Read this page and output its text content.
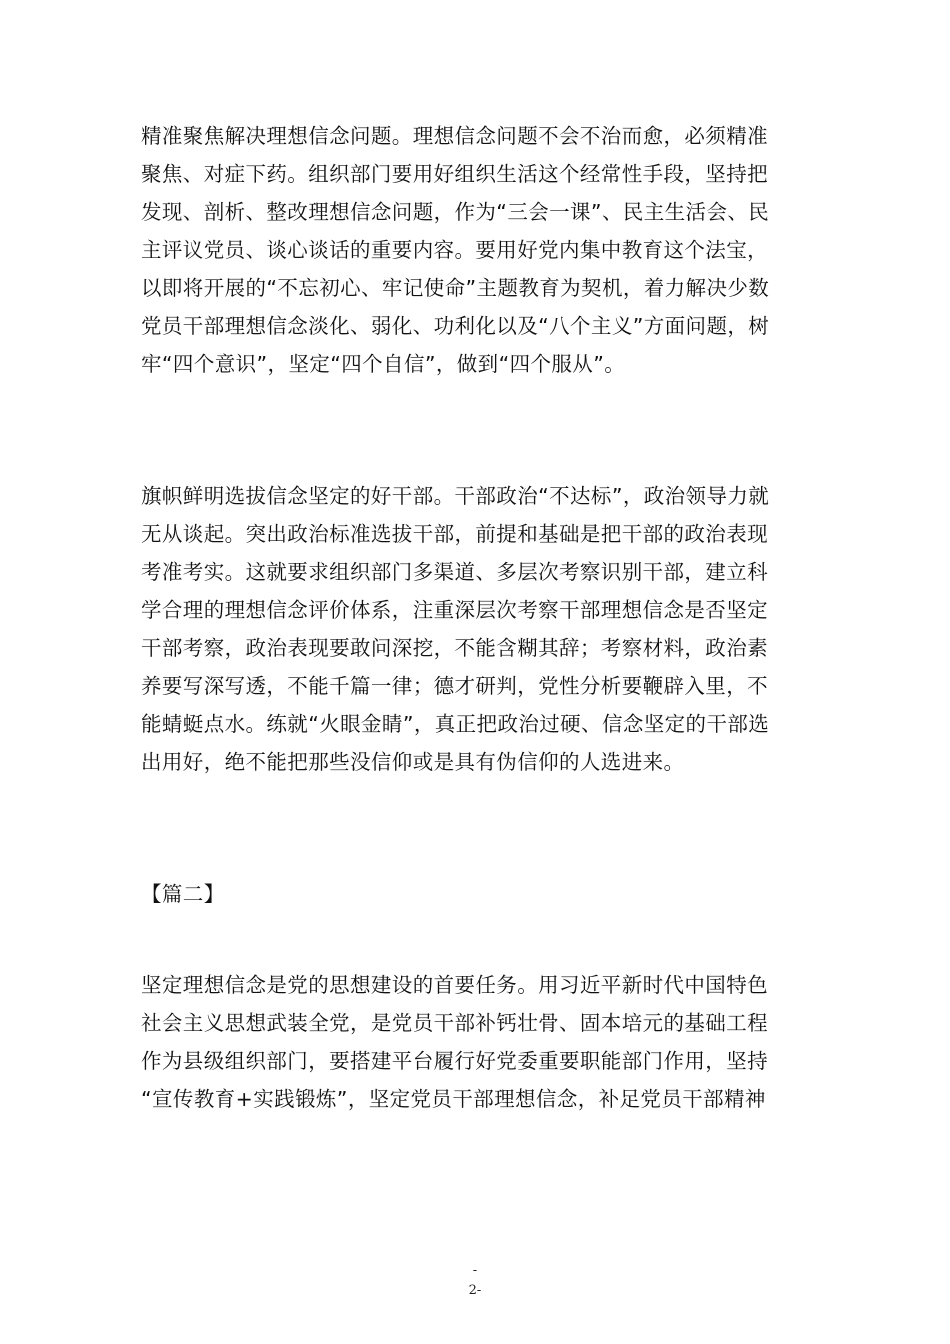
精准聚焦解决理想信念问题。理想信念问题不会不治而愈，必须精准
聚焦、对症下药。组织部门要用好组织生活这个经常性手段，坚持把
发现、剖析、整改理想信念问题，作为“三会一课”、民主生活会、民
主评议党员、谈心谈话的重要内容。要用好党内集中教育这个法宝，
以即将开展的“不忘初心、牢记使命”主题教育为契机，着力解决少数
党员干部理想信念淡化、弱化、功利化以及“八个主义”方面问题，树
牢“四个意识”，坚定“四个自信”，做到“四个服从”。
旗帜鲜明选拔信念坚定的好干部。干部政治“不达标”，政治领导力就
无从谈起。突出政治标准选拔干部，前提和基础是把干部的政治表现
考准考实。这就要求组织部门多渠道、多层次考察识别干部，建立科
学合理的理想信念评价体系，注重深层次考察干部理想信念是否坚定
干部考察，政治表现要敢问深挖，不能含糊其辞；考察材料，政治素
养要写深写透，不能千篇一律；德才研判，党性分析要鞭辟入里，不
能蜻蜓点水。练就“火眼金睛”，真正把政治过硬、信念坚定的干部选
出用好，绝不能把那些没信仰或是具有伪信仰的人选进来。
【篇二】
坚定理想信念是党的思想建设的首要任务。用习近平新时代中国特色
社会主义思想武装全党，是党员干部补钙壮骨、固本培元的基础工程
作为县级组织部门，要搭建平台履行好党委重要职能部门作用，坚持
“宣传教育+实践锻炼”，坚定党员干部理想信念，补足党员干部精神
-
2-
